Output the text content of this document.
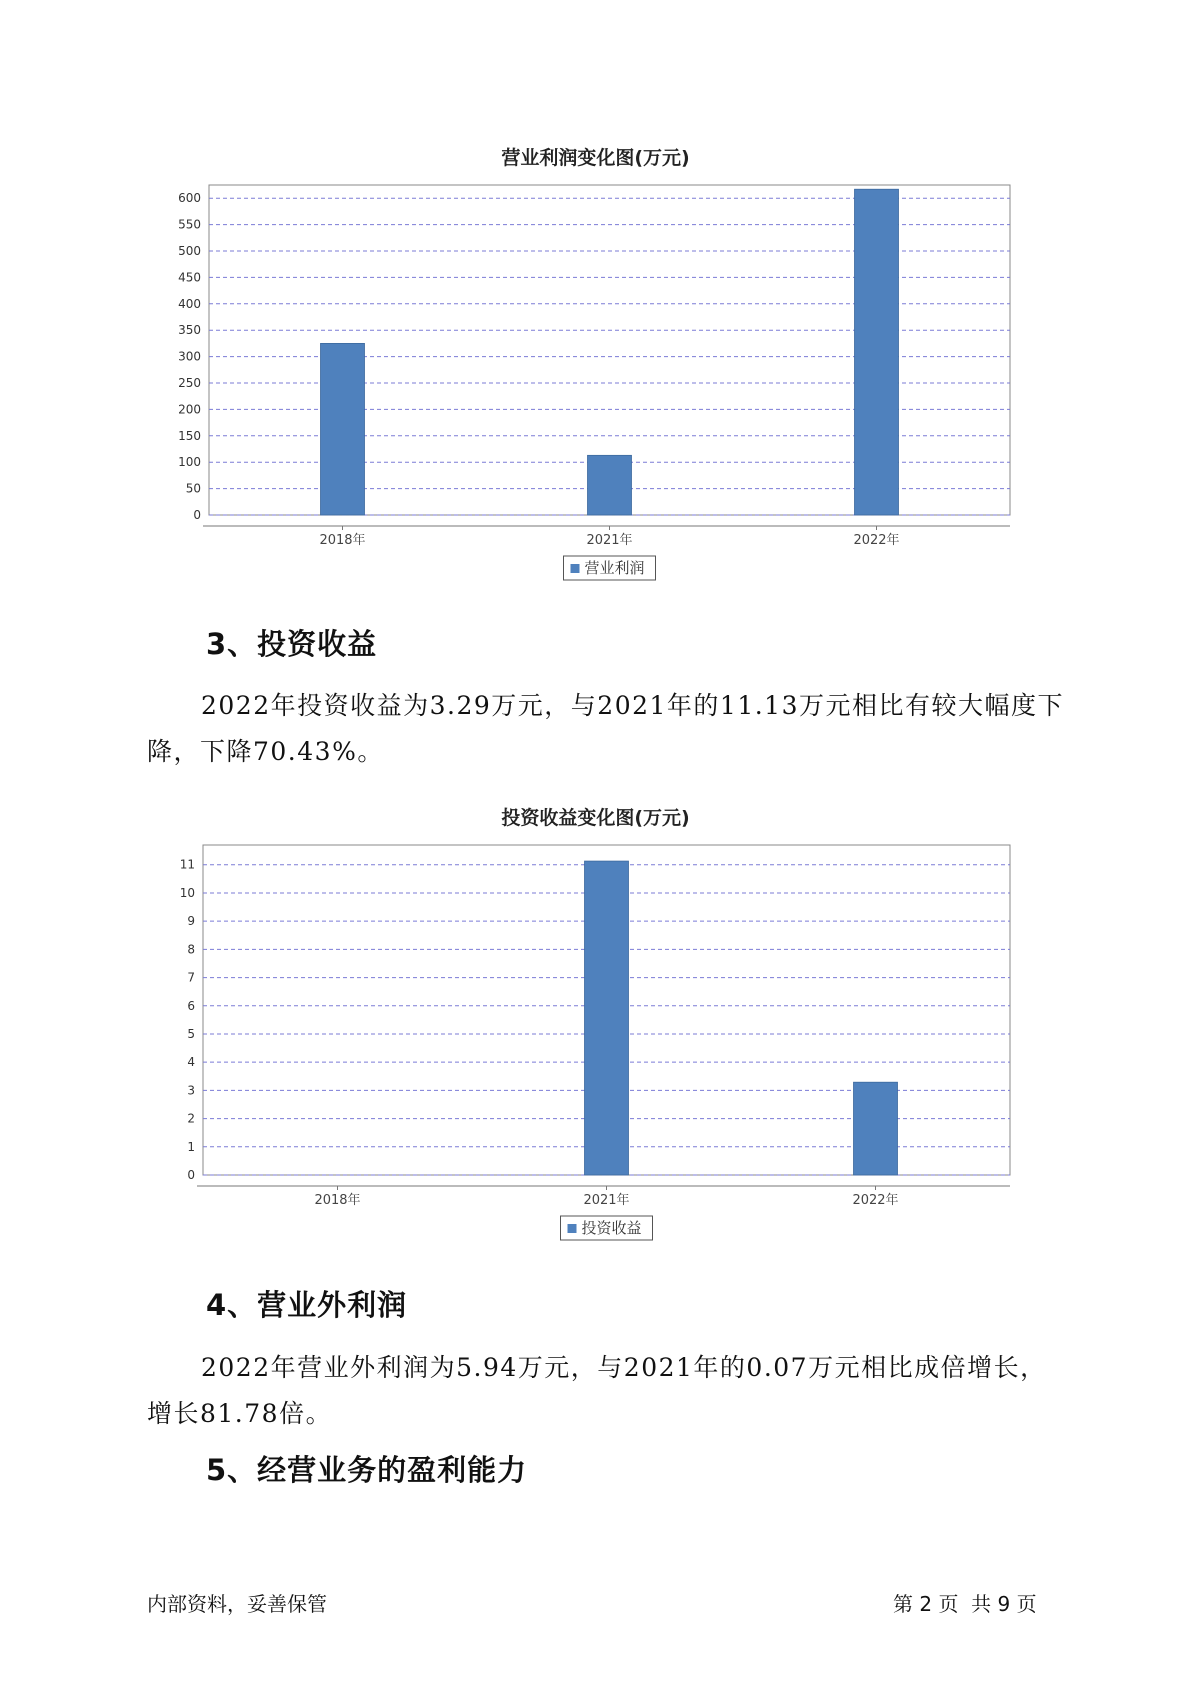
营业利润变化图(万元)
0
50
100
150
200
250
300
350
400
450
500
550
600
2018年	2021年	2022年
营业利润
3、投资收益
2022年投资收益为3.29万元，与2021年的11.13万元相比有较大幅度下降，下降70.43%。
投资收益变化图(万元)
0
1
2
3
4
5
6
7
8
9
10
11
2018年	2021年	2022年
投资收益
4、营业外利润
2022年营业外利润为5.94万元，与2021年的0.07万元相比成倍增长，增长81.78倍。
5、经营业务的盈利能力
内部资料，妥善保管	第 2 页  共 9 页
